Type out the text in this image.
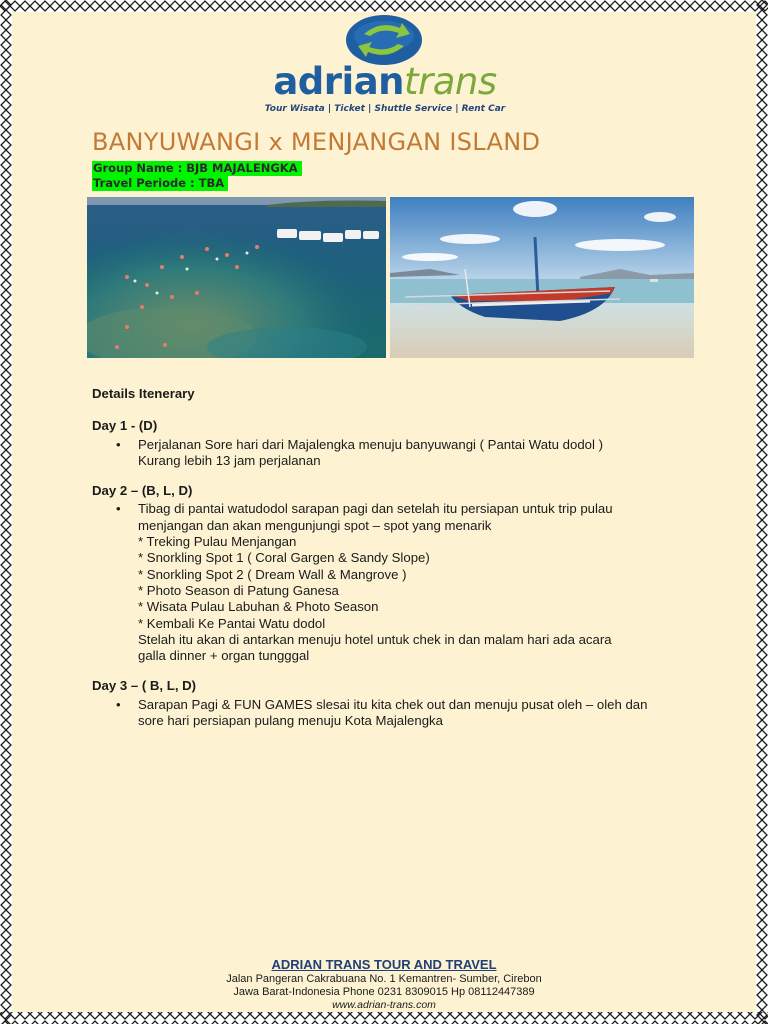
adriantrans
Tour Wisata | Ticket | Shuttle Service | Rent Car
BANYUWANGI x MENJANGAN ISLAND
Group Name : BJB MAJALENGKA
Travel Periode : TBA
Details Itenerary
Day 1 - (D)
• Perjalanan Sore hari dari Majalengka menuju banyuwangi ( Pantai Watu dodol )
Kurang lebih 13 jam perjalanan
Day 2 – (B, L, D)
• Tibag di pantai watudodol sarapan pagi dan setelah itu persiapan untuk trip pulau
menjangan dan akan mengunjungi spot – spot yang menarik
* Treking Pulau Menjangan
* Snorkling Spot 1 ( Coral Gargen & Sandy Slope)
* Snorkling Spot 2 ( Dream Wall & Mangrove )
* Photo Season di Patung Ganesa
* Wisata Pulau Labuhan & Photo Season
* Kembali Ke Pantai Watu dodol
Stelah itu akan di antarkan menuju hotel untuk chek in dan malam hari ada acara
galla dinner + organ tungggal
Day 3 – ( B, L, D)
• Sarapan Pagi & FUN GAMES slesai itu kita chek out dan menuju pusat oleh – oleh dan
sore hari persiapan pulang menuju Kota Majalengka
ADRIAN TRANS TOUR AND TRAVEL
Jalan Pangeran Cakrabuana No. 1 Kemantren- Sumber, Cirebon
Jawa Barat-Indonesia Phone 0231 8309015 Hp 08112447389
www.adrian-trans.com
